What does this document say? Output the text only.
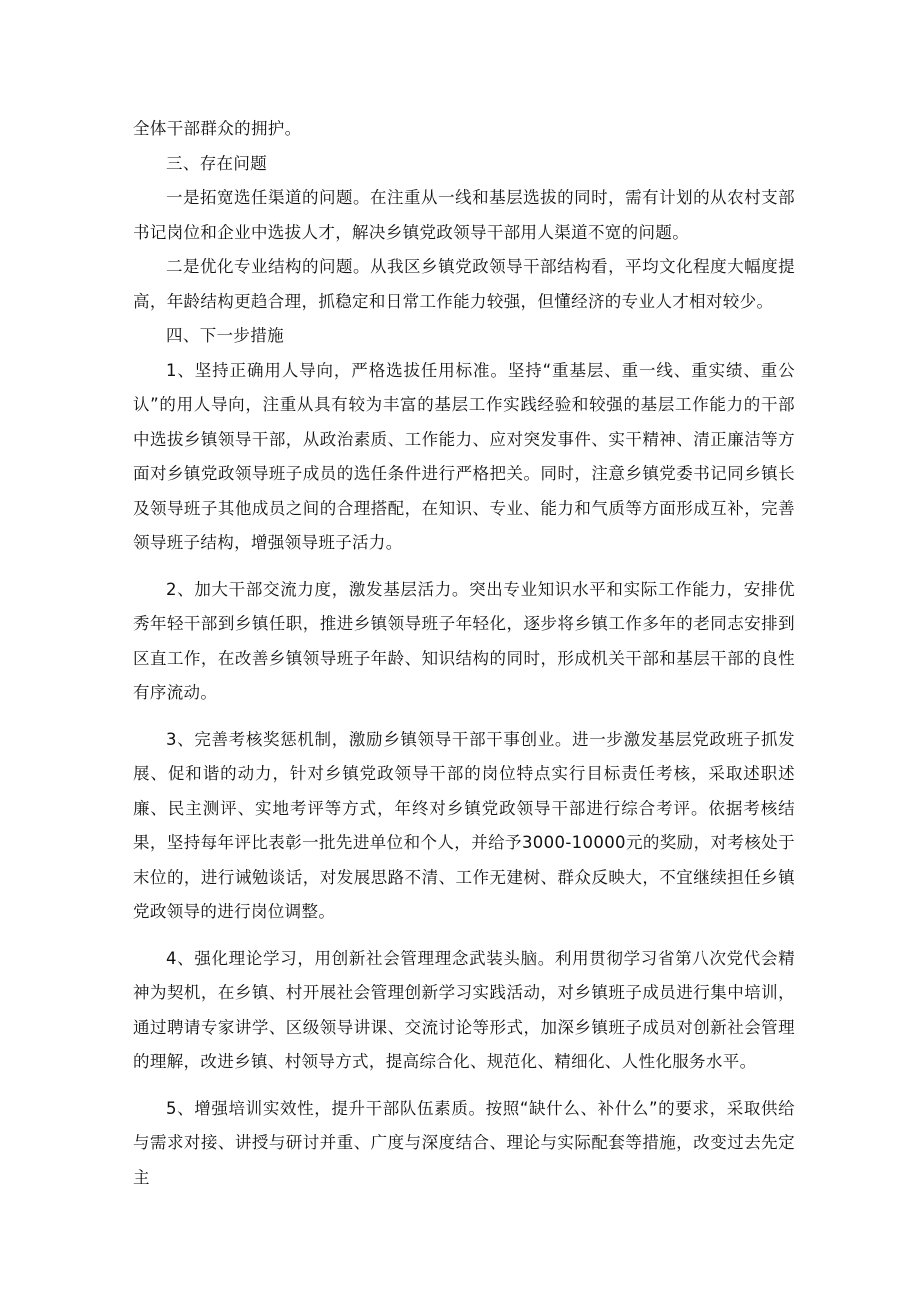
全体干部群众的拥护。

三、存在问题

一是拓宽选任渠道的问题。在注重从一线和基层选拔的同时，需有计划的从农村支部书记岗位和企业中选拔人才，解决乡镇党政领导干部用人渠道不宽的问题。

二是优化专业结构的问题。从我区乡镇党政领导干部结构看，平均文化程度大幅度提高，年龄结构更趋合理，抓稳定和日常工作能力较强，但懂经济的专业人才相对较少。

四、下一步措施

1、坚持正确用人导向，严格选拔任用标准。坚持“重基层、重一线、重实绩、重公认”的用人导向，注重从具有较为丰富的基层工作实践经验和较强的基层工作能力的干部中选拔乡镇领导干部，从政治素质、工作能力、应对突发事件、实干精神、清正廉洁等方面对乡镇党政领导班子成员的选任条件进行严格把关。同时，注意乡镇党委书记同乡镇长及领导班子其他成员之间的合理搭配，在知识、专业、能力和气质等方面形成互补，完善领导班子结构，增强领导班子活力。

2、加大干部交流力度，激发基层活力。突出专业知识水平和实际工作能力，安排优秀年轻干部到乡镇任职，推进乡镇领导班子年轻化，逐步将乡镇工作多年的老同志安排到区直工作，在改善乡镇领导班子年龄、知识结构的同时，形成机关干部和基层干部的良性有序流动。

3、完善考核奖惩机制，激励乡镇领导干部干事创业。进一步激发基层党政班子抓发展、促和谐的动力，针对乡镇党政领导干部的岗位特点实行目标责任考核，采取述职述廉、民主测评、实地考评等方式，年终对乡镇党政领导干部进行综合考评。依据考核结果，坚持每年评比表彰一批先进单位和个人，并给予3000-10000元的奖励，对考核处于末位的，进行诫勉谈话，对发展思路不清、工作无建树、群众反映大，不宜继续担任乡镇党政领导的进行岗位调整。

4、强化理论学习，用创新社会管理理念武装头脑。利用贯彻学习省第八次党代会精神为契机，在乡镇、村开展社会管理创新学习实践活动，对乡镇班子成员进行集中培训，通过聘请专家讲学、区级领导讲课、交流讨论等形式，加深乡镇班子成员对创新社会管理的理解，改进乡镇、村领导方式，提高综合化、规范化、精细化、人性化服务水平。

5、增强培训实效性，提升干部队伍素质。按照“缺什么、补什么”的要求，采取供给与需求对接、讲授与研讨并重、广度与深度结合、理论与实际配套等措施，改变过去先定主
